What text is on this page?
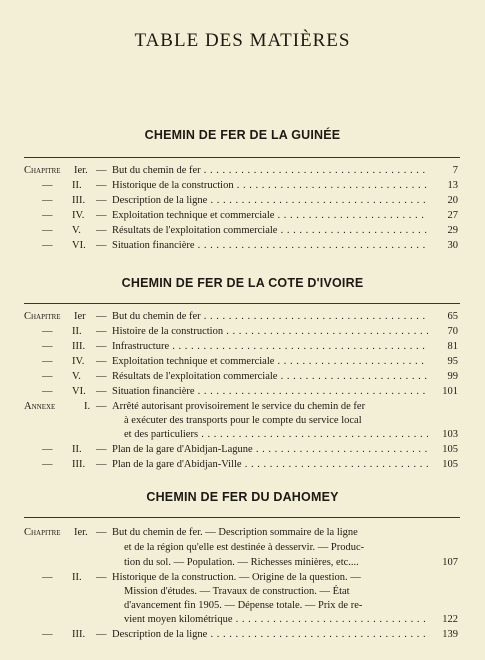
TABLE DES MATIÈRES
CHEMIN DE FER DE LA GUINÉE
Chapitre Ier. — But du chemin de fer . . .	7
— II. — Historique de la construction . . .	13
— III. — Description de la ligne . . .	20
— IV. — Exploitation technique et commerciale . . .	27
— V. — Résultats de l'exploitation commerciale . . .	29
— VI. — Situation financière . . .	30
CHEMIN DE FER DE LA COTE D'IVOIRE
Chapitre Ier — But du chemin de fer . . .	65
— II. — Histoire de la construction . . .	70
— III. — Infrastructure . . .	81
— IV. — Exploitation technique et commerciale . . .	95
— V. — Résultats de l'exploitation commerciale . . .	99
— VI. — Situation financière . . .	101
Annexe	I. — Arrêté autorisant provisoirement le service du chemin de fer
à exécuter des transports pour le compte du service local
et des particuliers . . .	103
— II. — Plan de la gare d'Abidjan-Lagune . . .	105
— III. — Plan de la gare d'Abidjan-Ville . . .	105
CHEMIN DE FER DU DAHOMEY
Chapitre Ier. — But du chemin de fer. — Description sommaire de la ligne
et de la région qu'elle est destinée à desservir. — Produc-
tion du sol. — Population. — Richesses minières, etc....	107
— II. — Historique de la construction. — Origine de la question. —
Mission d'études. — Travaux de construction. — État
d'avancement fin 1905. — Dépense totale. — Prix de re-
vient moyen kilométrique . . .	122
— III. — Description de la ligne . . .	139
